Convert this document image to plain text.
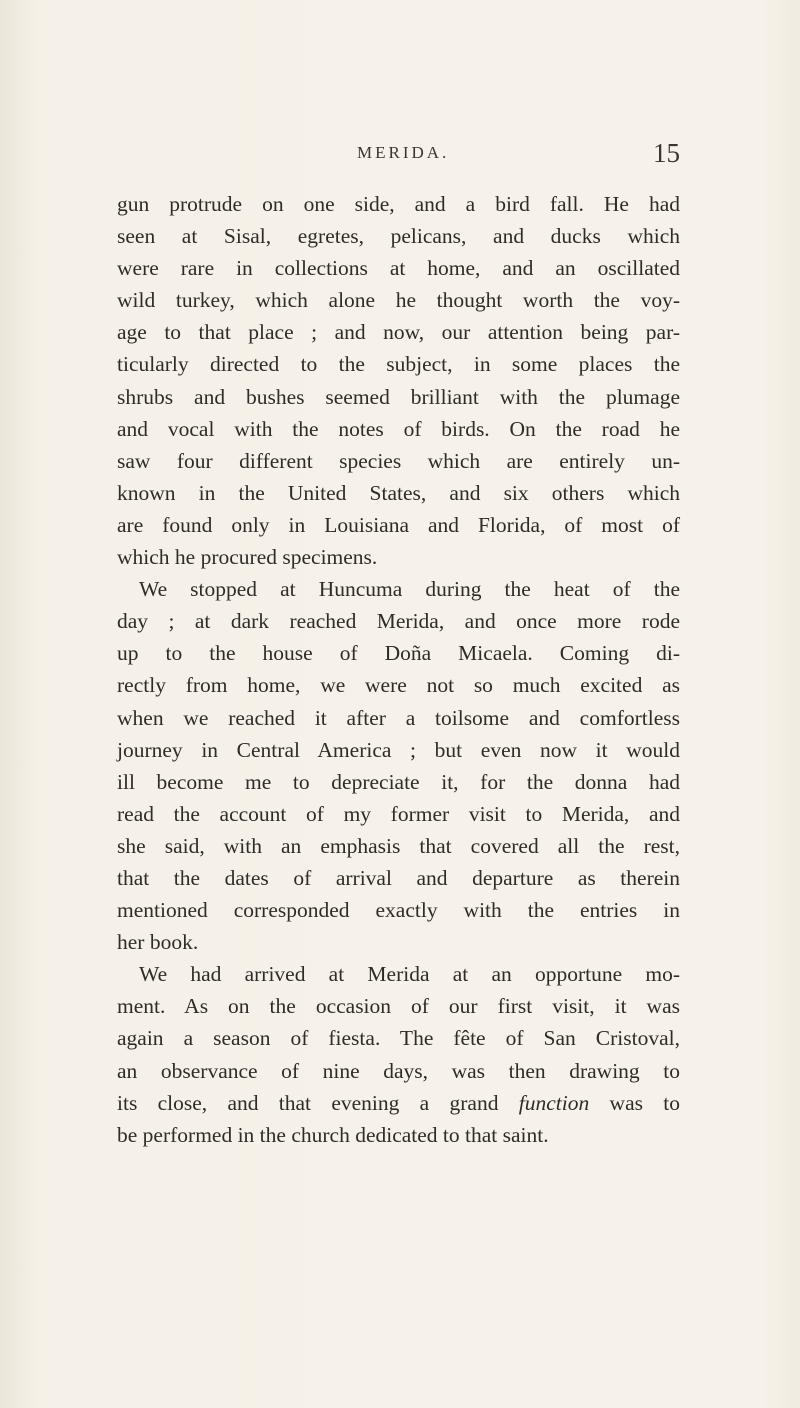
MERIDA.	15
gun protrude on one side, and a bird fall. He had
seen at Sisal, egretes, pelicans, and ducks which
were rare in collections at home, and an oscillated
wild turkey, which alone he thought worth the voy-
age to that place ; and now, our attention being par-
ticularly directed to the subject, in some places the
shrubs and bushes seemed brilliant with the plumage
and vocal with the notes of birds. On the road he
saw four different species which are entirely un-
known in the United States, and six others which
are found only in Louisiana and Florida, of most of
which he procured specimens.
We stopped at Huncuma during the heat of the
day ; at dark reached Merida, and once more rode
up to the house of Doña Micaela. Coming di-
rectly from home, we were not so much excited as
when we reached it after a toilsome and comfortless
journey in Central America ; but even now it would
ill become me to depreciate it, for the donna had
read the account of my former visit to Merida, and
she said, with an emphasis that covered all the rest,
that the dates of arrival and departure as therein
mentioned corresponded exactly with the entries in
her book.
We had arrived at Merida at an opportune mo-
ment. As on the occasion of our first visit, it was
again a season of fiesta. The fête of San Cristoval,
an observance of nine days, was then drawing to
its close, and that evening a grand function was to
be performed in the church dedicated to that saint.
